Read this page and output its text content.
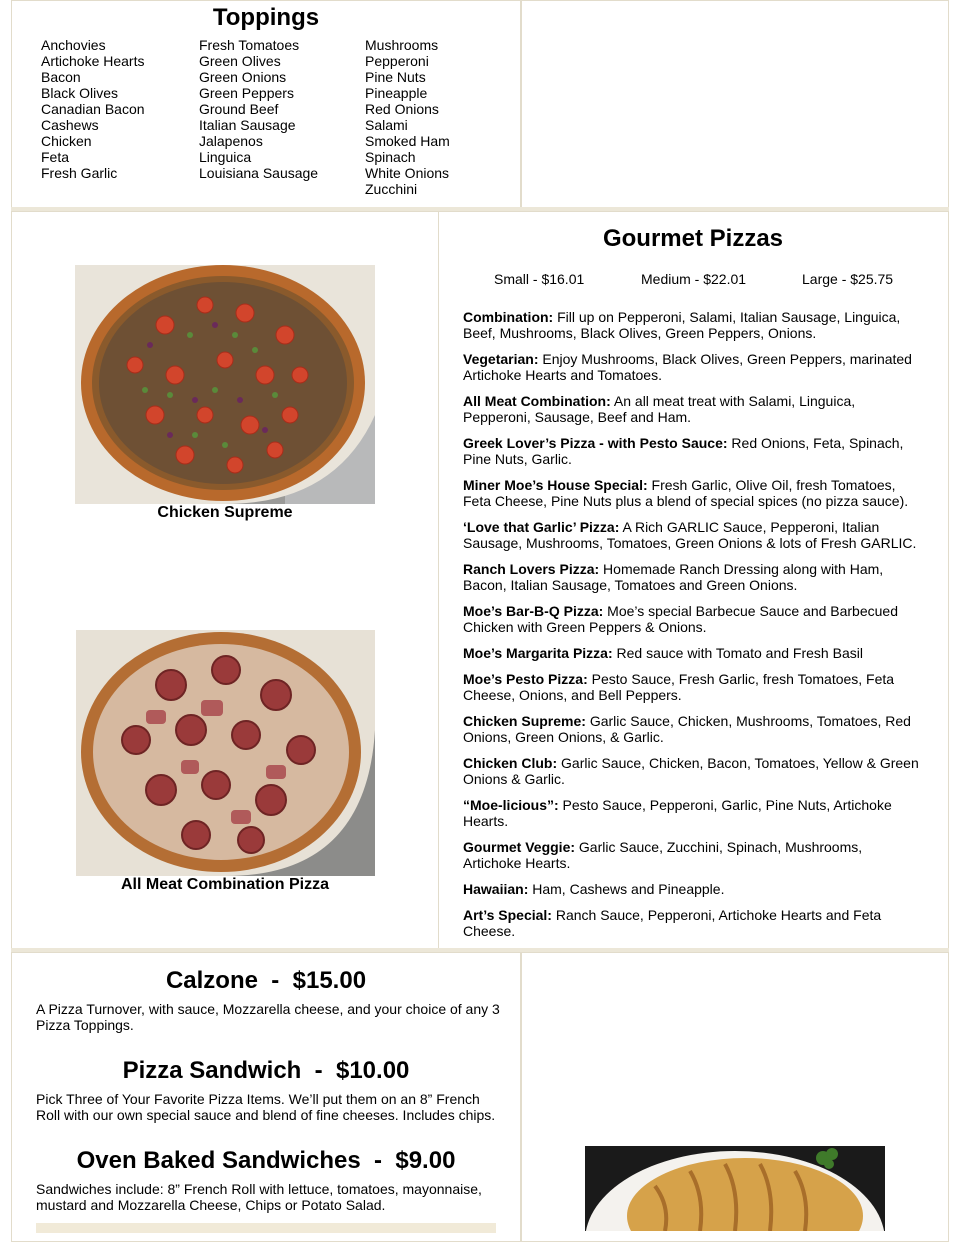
Toppings
Anchovies
Artichoke Hearts
Bacon
Black Olives
Canadian Bacon
Cashews
Chicken
Feta
Fresh Garlic
Fresh Tomatoes
Green Olives
Green Onions
Green Peppers
Ground Beef
Italian Sausage
Jalapenos
Linguica
Louisiana Sausage
Mushrooms
Pepperoni
Pine Nuts
Pineapple
Red Onions
Salami
Smoked Ham
Spinach
White Onions
Zucchini
Chicken Supreme
All Meat Combination Pizza
Gourmet Pizzas
Small - $16.01	Medium - $22.01	Large - $25.75

Combination: Fill up on Pepperoni, Salami, Italian Sausage, Linguica, Beef, Mushrooms, Black Olives, Green Peppers, Onions.

Vegetarian: Enjoy Mushrooms, Black Olives, Green Peppers, marinated Artichoke Hearts and Tomatoes.

All Meat Combination: An all meat treat with Salami, Linguica, Pepperoni, Sausage, Beef and Ham.

Greek Lover’s Pizza - with Pesto Sauce: Red Onions, Feta, Spinach, Pine Nuts, Garlic.

Miner Moe’s House Special: Fresh Garlic, Olive Oil, fresh Tomatoes, Feta Cheese, Pine Nuts plus a blend of special spices (no pizza sauce).

‘Love that Garlic’ Pizza: A Rich GARLIC Sauce, Pepperoni, Italian Sausage, Mushrooms, Tomatoes, Green Onions & lots of Fresh GARLIC.

Ranch Lovers Pizza: Homemade Ranch Dressing along with Ham, Bacon, Italian Sausage, Tomatoes and Green Onions.

Moe’s Bar-B-Q Pizza: Moe’s special Barbecue Sauce and Barbecued Chicken with Green Peppers & Onions.

Moe’s Margarita Pizza: Red sauce with Tomato and Fresh Basil

Moe’s Pesto Pizza: Pesto Sauce, Fresh Garlic, fresh Tomatoes, Feta Cheese, Onions, and Bell Peppers.

Chicken Supreme: Garlic Sauce, Chicken, Mushrooms, Tomatoes, Red Onions, Green Onions, & Garlic.

Chicken Club: Garlic Sauce, Chicken, Bacon, Tomatoes, Yellow & Green Onions & Garlic.

“Moe-licious”: Pesto Sauce, Pepperoni, Garlic, Pine Nuts, Artichoke Hearts.

Gourmet Veggie: Garlic Sauce, Zucchini, Spinach, Mushrooms, Artichoke Hearts.

Hawaiian: Ham, Cashews and Pineapple.

Art’s Special: Ranch Sauce, Pepperoni, Artichoke Hearts and Feta Cheese.

Calzone  -  $15.00
A Pizza Turnover, with sauce, Mozzarella cheese, and your choice of any 3 Pizza Toppings.
Pizza Sandwich  -  $10.00
Pick Three of Your Favorite Pizza Items. We’ll put them on an 8” French Roll with our own special sauce and blend of fine cheeses. Includes chips.
Oven Baked Sandwiches  -  $9.00
Sandwiches include: 8” French Roll with lettuce, tomatoes, mayonnaise, mustard and Mozzarella Cheese, Chips or Potato Salad.
